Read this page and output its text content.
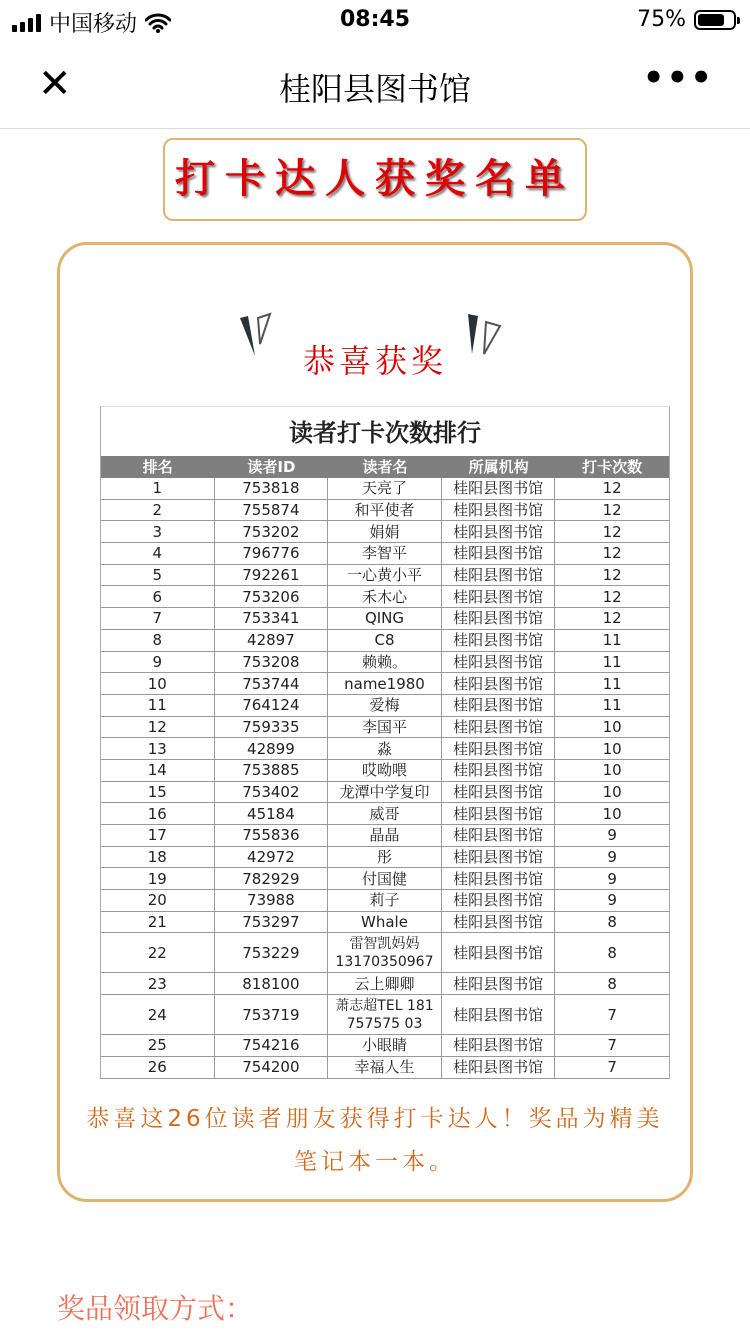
中国移动	08:45	75%
✕	桂阳县图书馆	•••
打卡达人获奖名单
恭喜获奖
读者打卡次数排行
排名	读者ID	读者名	所属机构	打卡次数
1	753818	天亮了	桂阳县图书馆	12
2	755874	和平使者	桂阳县图书馆	12
3	753202	娟娟	桂阳县图书馆	12
4	796776	李智平	桂阳县图书馆	12
5	792261	一心黄小平	桂阳县图书馆	12
6	753206	禾木心	桂阳县图书馆	12
7	753341	QING	桂阳县图书馆	12
8	42897	C8	桂阳县图书馆	11
9	753208	赖赖。	桂阳县图书馆	11
10	753744	name1980	桂阳县图书馆	11
11	764124	爱梅	桂阳县图书馆	11
12	759335	李国平	桂阳县图书馆	10
13	42899	淼	桂阳县图书馆	10
14	753885	哎呦喂	桂阳县图书馆	10
15	753402	龙潭中学复印	桂阳县图书馆	10
16	45184	威哥	桂阳县图书馆	10
17	755836	晶晶	桂阳县图书馆	9
18	42972	彤	桂阳县图书馆	9
19	782929	付国健	桂阳县图书馆	9
20	73988	莉子	桂阳县图书馆	9
21	753297	Whale	桂阳县图书馆	8
22	753229	雷智凯妈妈 13170350967	桂阳县图书馆	8
23	818100	云上卿卿	桂阳县图书馆	8
24	753719	萧志超TEL 181 757575 03	桂阳县图书馆	7
25	754216	小眼睛	桂阳县图书馆	7
26	754200	幸福人生	桂阳县图书馆	7
恭喜这26位读者朋友获得打卡达人！奖品为精美笔记本一本。
奖品领取方式：
